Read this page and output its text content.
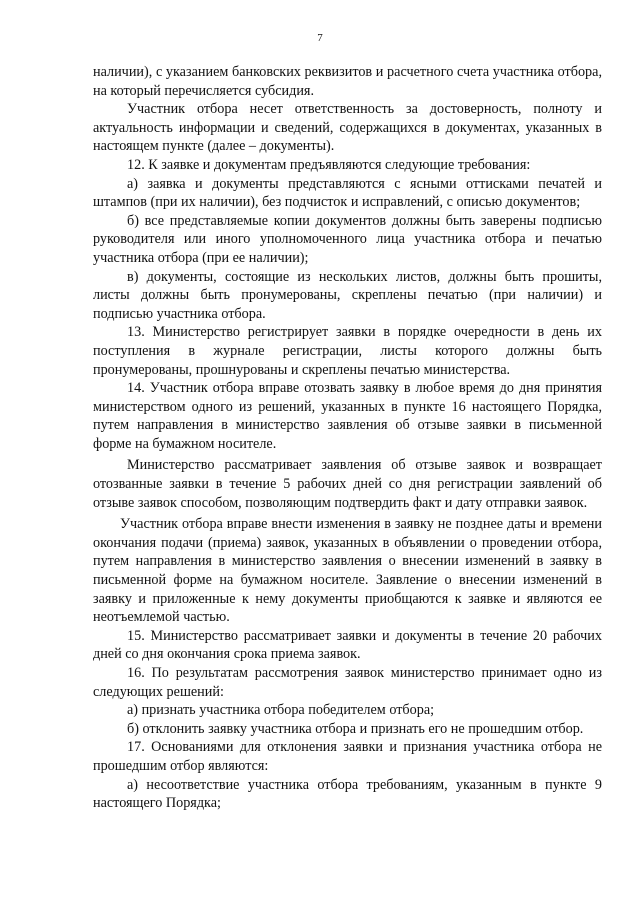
7

наличии), с указанием банковских реквизитов и расчетного счета участника отбора, на который перечисляется субсидия.

Участник отбора несет ответственность за достоверность, полноту и актуальность информации и сведений, содержащихся в документах, указанных в настоящем пункте (далее – документы).

12. К заявке и документам предъявляются следующие требования:

а) заявка и документы представляются с ясными оттисками печатей и штампов (при их наличии), без подчисток и исправлений, с описью документов;

б) все представляемые копии документов должны быть заверены подписью руководителя или иного уполномоченного лица участника отбора и печатью участника отбора (при ее наличии);

в) документы, состоящие из нескольких листов, должны быть прошиты, листы должны быть пронумерованы, скреплены печатью (при наличии) и подписью участника отбора.

13. Министерство регистрирует заявки в порядке очередности в день их поступления в журнале регистрации, листы которого должны быть пронумерованы, прошнурованы и скреплены печатью министерства.

14. Участник отбора вправе отозвать заявку в любое время до дня принятия министерством одного из решений, указанных в пункте 16 настоящего Порядка, путем направления в министерство заявления об отзыве заявки в письменной форме на бумажном носителе.

Министерство рассматривает заявления об отзыве заявок и возвращает отозванные заявки в течение 5 рабочих дней со дня регистрации заявлений об отзыве заявок способом, позволяющим подтвердить факт и дату отправки заявок.

Участник отбора вправе внести изменения в заявку не позднее даты и времени окончания подачи (приема) заявок, указанных в объявлении о проведении отбора, путем направления в министерство заявления о внесении изменений в заявку в письменной форме на бумажном носителе. Заявление о внесении изменений в заявку и приложенные к нему документы приобщаются к заявке и являются ее неотъемлемой частью.

15. Министерство рассматривает заявки и документы в течение 20 рабочих дней со дня окончания срока приема заявок.

16. По результатам рассмотрения заявок министерство принимает одно из следующих решений:

а) признать участника отбора победителем отбора;

б) отклонить заявку участника отбора и признать его не прошедшим отбор.

17. Основаниями для отклонения заявки и признания участника отбора не прошедшим отбор являются:

а) несоответствие участника отбора требованиям, указанным в пункте 9 настоящего Порядка;
